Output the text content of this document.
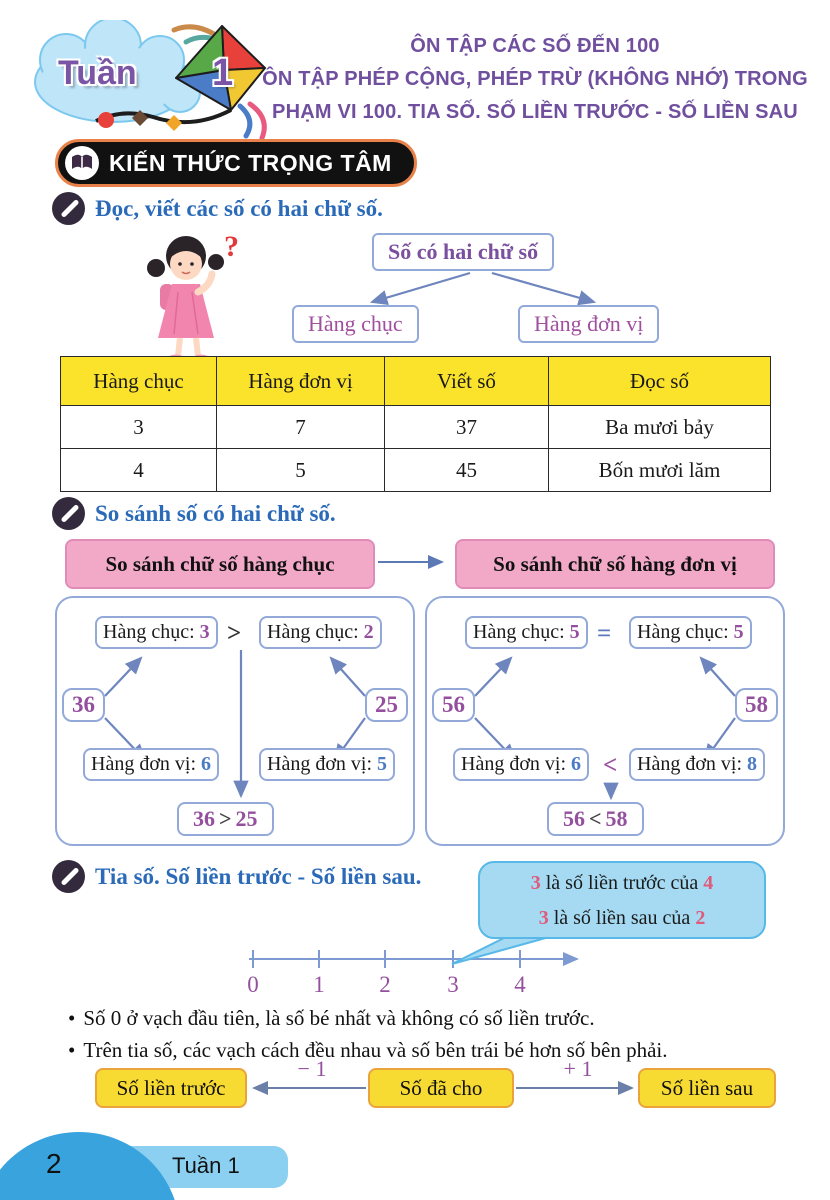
Tuần 1
ÔN TẬP CÁC SỐ ĐẾN 100
ÔN TẬP PHÉP CỘNG, PHÉP TRỪ (KHÔNG NHỚ) TRONG
PHẠM VI 100. TIA SỐ. SỐ LIỀN TRƯỚC - SỐ LIỀN SAU
KIẾN THỨC TRỌNG TÂM
Đọc, viết các số có hai chữ số.
?	Số có hai chữ số
Hàng chục	Hàng đơn vị
Hàng chục	Hàng đơn vị	Viết số	Đọc số
3	7	37	Ba mươi bảy
4	5	45	Bốn mươi lăm
So sánh số có hai chữ số.
So sánh chữ số hàng chục	So sánh chữ số hàng đơn vị
Hàng chục: 3 >	Hàng chục: 2
36	25
Hàng đơn vị: 6	Hàng đơn vị: 5
36 > 25
Hàng chục: 5 =	Hàng chục: 5
56	58
Hàng đơn vị: 6 < Hàng đơn vị: 8
56 < 58
Tia số. Số liền trước - Số liền sau.	3 là số liền trước của 4
3 là số liền sau của 2
0	1	2	3	4
• Số 0 ở vạch đầu tiên, là số bé nhất và không có số liền trước.
• Trên tia số, các vạch cách đều nhau và số bên trái bé hơn số bên phải.
Số liền trước	Số đã cho	Số liền sau
− 1	+ 1
2	Tuần 1
